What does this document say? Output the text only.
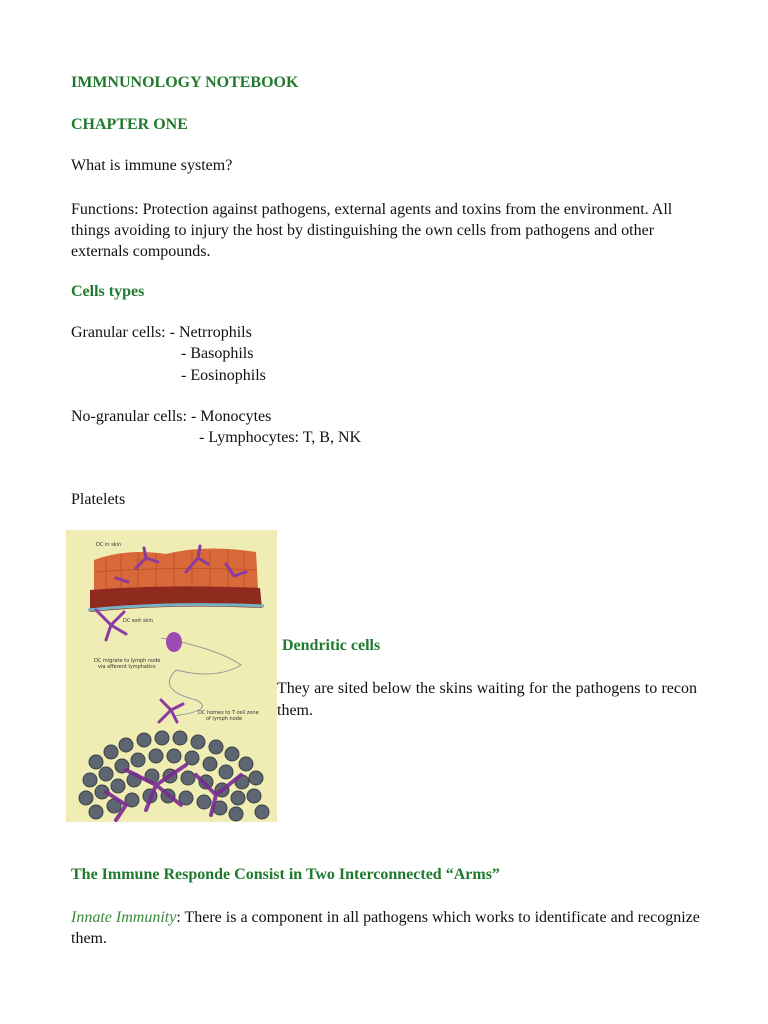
IMMNUNOLOGY NOTEBOOK
CHAPTER ONE
What is immune system?
Functions: Protection against pathogens, external agents and toxins from the environment. All things avoiding to injury the host by distinguishing the own cells from pathogens and other externals compounds.
Cells types
Granular cells: - Netrrophils
- Basophils
- Eosinophils
No-granular cells: - Monocytes
- Lymphocytes: T, B, NK
Platelets
DC in skin
DC exit skin
DC migrate to lymph node
via afferent lymphatics
DC homes to T cell zone
of lymph node
Dendritic cells
They are sited below the skins waiting for the pathogens to recon them.
The Immune Responde Consist in Two Interconnected “Arms”
Innate Immunity: There is a component in all pathogens which works to identificate and recognize them.
